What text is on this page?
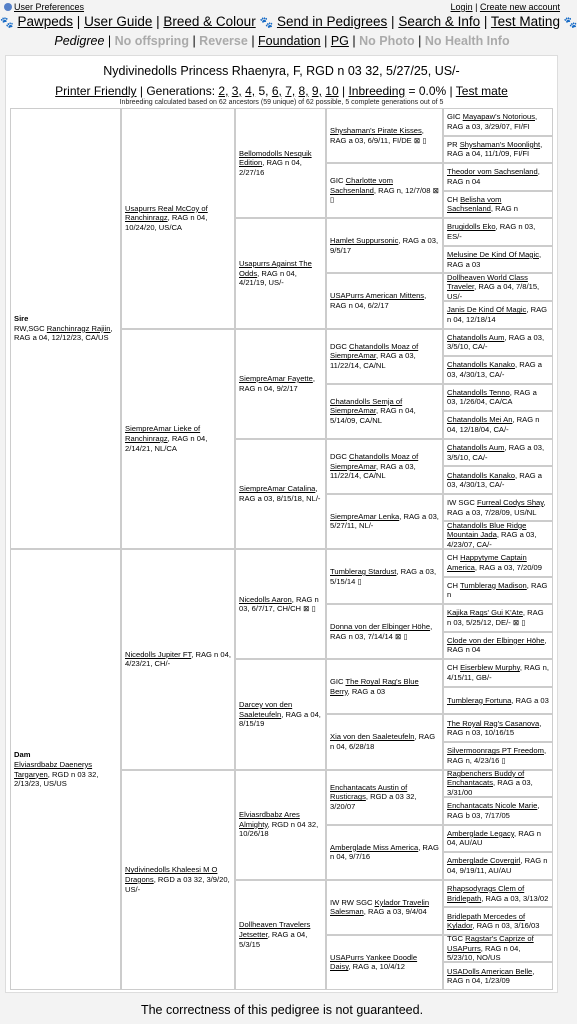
User Preferences	Login | Create new account
🐾 Pawpeds | User Guide | Breed & Colour 🐾 Send in Pedigrees | Search & Info | Test Mating 🐾
Pedigree | No offspring | Reverse | Foundation | PG | No Photo | No Health Info
Nydivinedolls Princess Rhaenyra, F, RGD n 03 32, 5/27/25, US/-
Printer Friendly | Generations: 2, 3, 4, 5, 6, 7, 8, 9, 10 | Inbreeding = 0.0% | Test mate
Inbreeding calculated based on 62 ancestors (59 unique) of 62 possible, 5 complete generations out of 5
Sire
RW,SGC Ranchinragz Rajiin, RAG a 04, 12/12/23, CA/US
Dam
Elviasrdbabz Daenerys Targaryen, RGD n 03 32, 2/13/23, US/US
Usapurrs Real McCoy of Ranchinragz, RAG n 04, 10/24/20, US/CA
SiempreAmar Lieke of Ranchinragz, RAG n 04, 2/14/21, NL/CA
Nicedolls Jupiter FT, RAG n 04, 4/23/21, CH/-
Nydivinedolls Khaleesi M O Dragons, RGD a 03 32, 3/9/20, US/-
Bellomodolls Nesquik Edition, RAG n 04, 2/27/16
Usapurrs Against The Odds, RAG n 04, 4/21/19, US/-
SiempreAmar Fayette, RAG n 04, 9/2/17
SiempreAmar Catalina, RAG a 03, 8/15/18, NL/-
Nicedolls Aaron, RAG n 03, 6/7/17, CH/CH ⊠ ▯
Darcey von den Saaleteufeln, RAG a 04, 8/15/19
Elviasrdbabz Ares Almighty, RGD n 04 32, 10/26/18
Dollheaven Travelers Jetsetter, RAG a 04, 5/3/15
Shyshaman's Pirate Kisses, RAG a 03, 6/9/11, FI/DE ⊠ ▯
GIC Charlotte vom Sachsenland, RAG n, 12/7/08 ⊠ ▯
Hamlet Suppursonic, RAG a 03, 9/5/17
USAPurrs American Mittens, RAG n 04, 6/2/17
DGC Chatandolls Moaz of SiempreAmar, RAG a 03, 11/22/14, CA/NL
Chatandolls Semja of SiempreAmar, RAG n 04, 5/14/09, CA/NL
DGC Chatandolls Moaz of SiempreAmar, RAG a 03, 11/22/14, CA/NL
SiempreAmar Lenka, RAG a 03, 5/27/11, NL/-
Tumblerag Stardust, RAG a 03, 5/15/14 ▯
Donna von der Elbinger Höhe, RAG n 03, 7/14/14 ⊠ ▯
GIC The Royal Rag's Blue Berry, RAG a 03
Xia von den Saaleteufeln, RAG n 04, 6/28/18
Enchantacats Austin of Rusticrags, RGD a 03 32, 3/20/07
Amberglade Miss America, RAG n 04, 9/7/16
IW RW SGC Kylador Travelin Salesman, RAG a 03, 9/4/04
USAPurrs Yankee Doodle Daisy, RAG a, 10/4/12
GIC Mayapaw's Notorious, RAG a 03, 3/29/07, FI/FI
PR Shyshaman's Moonlight, RAG a 04, 11/1/09, FI/FI
Theodor vom Sachsenland, RAG n 04
CH Belisha vom Sachsenland, RAG n
Brugidolls Eko, RAG n 03, ES/-
Melusine De Kind Of Magic, RAG a 03
Dollheaven World Class Traveler, RAG a 04, 7/8/15, US/-
Janis De Kind Of Magic, RAG n 04, 12/18/14
Chatandolls Aum, RAG a 03, 3/5/10, CA/-
Chatandolls Kanako, RAG a 03, 4/30/13, CA/-
Chatandolls Tenno, RAG a 03, 1/26/04, CA/CA
Chatandolls Mei An, RAG n 04, 12/18/04, CA/-
Chatandolls Aum, RAG a 03, 3/5/10, CA/-
Chatandolls Kanako, RAG a 03, 4/30/13, CA/-
IW SGC Furreal Codys Shay, RAG a 03, 7/28/09, US/NL
Chatandolls Blue Ridge Mountain Jada, RAG a 03, 4/23/07, CA/-
CH Happytyme Captain America, RAG a 03, 7/20/09
CH Tumblerag Madison, RAG n
Kajika Rags' Gui K'Ate, RAG n 03, 5/25/12, DE/- ⊠ ▯
Clode von der Elbinger Höhe, RAG n 04
CH Eiserblew Murphy, RAG n, 4/15/11, GB/-
Tumblerag Fortuna, RAG a 03
The Royal Rag's Casanova, RAG n 03, 10/16/15
Silvermoonrags PT Freedom, RAG n, 4/23/16 ▯
Ragbenchers Buddy of Enchantacats, RAG a 03, 3/31/00
Enchantacats Nicole Marie, RAG b 03, 7/17/05
Amberglade Legacy, RAG n 04, AU/AU
Amberglade Covergirl, RAG n 04, 9/19/11, AU/AU
Rhapsodyrags Clem of Bridlepath, RAG a 03, 3/13/02
Bridlepath Mercedes of Kylador, RAG n 03, 3/16/03
TGC Ragstar's Caprize of USAPurrs, RAG n 04, 5/23/10, NO/US
USADolls American Belle, RAG n 04, 1/23/09
The correctness of this pedigree is not guaranteed.
